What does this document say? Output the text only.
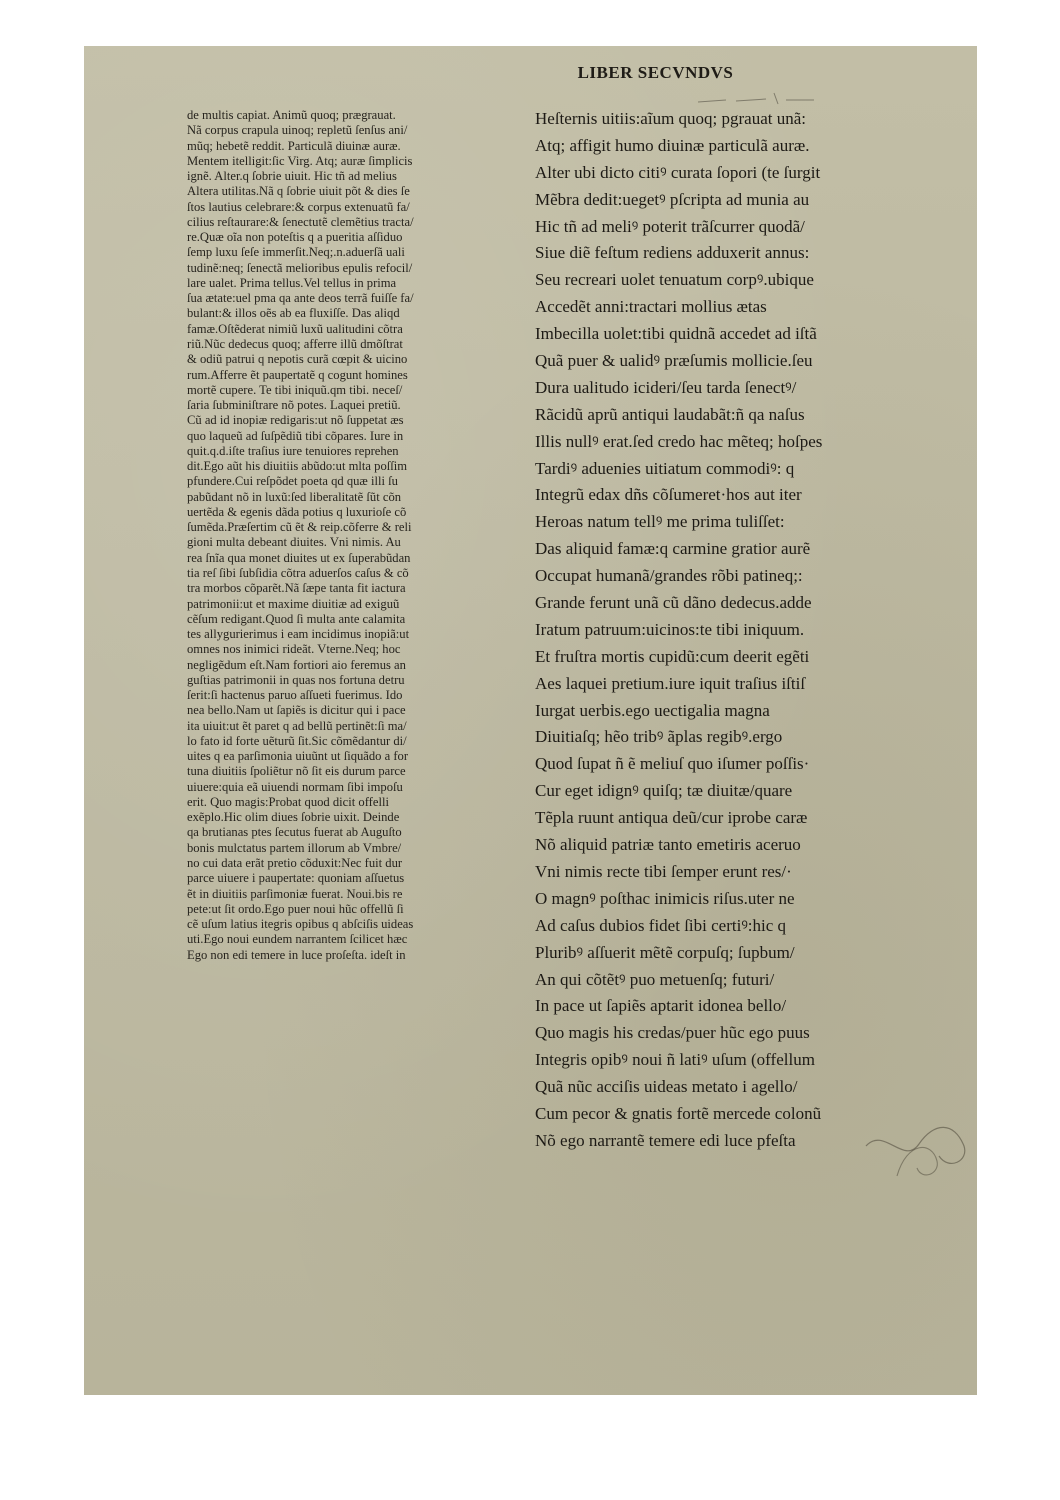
LIBER SECVNDVS
de multis capiat. Animũ quoq; prægrauat.
Nã corpus crapula uinoq; repletũ ſenſus ani/
mũq; hebetẽ reddit. Particulã diuinæ auræ.
Mentem itelligit:ſic Virg. Atq; auræ ſimplicis
ignẽ. Alter.q ſobrie uiuit. Hic tñ ad melius
Altera utilitas.Nã q ſobrie uiuit põt & dies ſe
ſtos lautius celebrare:& corpus extenuatũ fa/
cilius reſtaurare:& ſenectutẽ clemẽtius tracta/
re.Quæ oĩa non poteſtis q a pueritia aſſiduo
ſemp luxu ſeſe immerſit.Neq;.n.aduerſã uali
tudinẽ:neq; ſenectã melioribus epulis refocil/
lare ualet. Prima tellus.Vel tellus in prima
ſua ætate:uel pma qa ante deos terrã fuiſſe fa/
bulant:& illos oẽs ab ea fluxiſſe. Das aliqd
famæ.Oſtẽderat nimiũ luxũ ualitudini cõtra
riũ.Nũc dedecus quoq; afferre illũ dmõſtrat
& odiũ patrui q nepotis curã cœpit & uicino
rum.Afferre ẽt paupertatẽ q cogunt homines
mortẽ cupere. Te tibi iniquũ.qm tibi. neceſ/
ſaria ſubminiſtrare nõ potes. Laquei pretiũ.
Cũ ad id inopiæ redigaris:ut nõ ſuppetat æs
quo laqueũ ad ſuſpẽdiũ tibi cõpares. Iure in
quit.q.d.iſte traſius iure tenuiores reprehen
dit.Ego aũt his diuitiis abũdo:ut mlta poſſim
pfundere.Cui reſpõdet poeta qd quæ illi ſu
pabũdant nõ in luxũ:ſed liberalitatẽ ſũt cõn
uertẽda & egenis dãda potius q luxurioſe cõ
ſumẽda.Præſertim cũ ẽt & reip.cõferre & reli
gioni multa debeant diuites. Vni nimis. Au
rea ſnĩa qua monet diuites ut ex ſuperabũdan
tia reſ ſibi ſubſidia cõtra aduerſos caſus & cõ
tra morbos cõparẽt.Nã ſæpe tanta fit iactura
patrimonii:ut et maxime diuitiæ ad exiguũ
cẽſum redigant.Quod ſi multa ante calamita
tes allygurierimus i eam incidimus inopiã:ut
omnes nos inimici rideãt. Vterne.Neq; hoc
negligẽdum eſt.Nam fortiori aio feremus an
guſtias patrimonii in quas nos fortuna detru
ſerit:ſi hactenus paruo aſſueti fuerimus. Ido
nea bello.Nam ut ſapiẽs is dicitur qui i pace
ita uiuit:ut ẽt paret q ad bellũ pertinẽt:ſi ma/
lo fato id forte uẽturũ ſit.Sic cõmẽdantur di/
uites q ea parſimonia uiuũnt ut ſiquãdo a for
tuna diuitiis ſpoliẽtur nõ ſit eis durum parce
uiuere:quia eã uiuendi normam ſibi impoſu
erit. Quo magis:Probat quod dicit offelli
exẽplo.Hic olim diues ſobrie uixit. Deinde
qa brutianas ptes ſecutus fuerat ab Auguſto
bonis mulctatus partem illorum ab Vmbre/
no cui data erãt pretio cõduxit:Nec fuit dur
parce uiuere i paupertate: quoniam aſſuetus
ẽt in diuitiis parſimoniæ fuerat. Noui.bis re
pete:ut ſit ordo.Ego puer noui hũc offellũ ſi
cẽ uſum latius itegris opibus q abſciſis uideas
uti.Ego noui eundem narrantem ſcilicet hæc
Ego non edi temere in luce proſeſta. ideſt in
Heſternis uitiis:aĩum quoq; pgrauat unã:
Atq; affigit humo diuinæ particulã auræ.
Alter ubi dicto citiꝰ curata ſopori (te ſurgit
Mẽbra dedit:uegetꝰ pſcripta ad munia au
Hic tñ ad meliꝰ poterit trãſcurrer quodã/
Siue diẽ feſtum rediens adduxerit annus:
Seu recreari uolet tenuatum corpꝰ.ubique
Accedẽt anni:tractari mollius ætas
Imbecilla uolet:tibi quidnã accedet ad iſtã
Quã puer & ualidꝰ præſumis mollicie.ſeu
Dura ualitudo icideri/ſeu tarda ſenectꝰ/
Rãcidũ aprũ antiqui laudabãt:ñ qa naſus
Illis nullꝰ erat.ſed credo hac mẽteq; hoſpes
Tardiꝰ aduenies uitiatum commodiꝰ: q
Integrũ edax dñs cõſumeret·hos aut iter
Heroas natum tellꝰ me prima tuliſſet:
Das aliquid famæ:q carmine gratior aurẽ
Occupat humanã/grandes rõbi patineq;:
Grande ferunt unã cũ dãno dedecus.adde
Iratum patruum:uicinos:te tibi iniquum.
Et fruſtra mortis cupidũ:cum deerit egẽti
Aes laquei pretium.iure iquit traſius iſtiſ
Iurgat uerbis.ego uectigalia magna
Diuitiaſq; hẽo tribꝰ ãplas regibꝰ.ergo
Quod ſupat ñ ẽ meliuſ quo iſumer poſſis·
Cur eget idignꝰ quiſq; tæ diuitæ/quare
Tẽpla ruunt antiqua deũ/cur iprobe caræ
Nõ aliquid patriæ tanto emetiris aceruo
Vni nimis recte tibi ſemper erunt res/·
O magnꝰ poſthac inimicis riſus.uter ne
Ad caſus dubios fidet ſibi certiꝰ:hic q
Pluribꝰ aſſuerit mẽtẽ corpuſq; ſupbum/
An qui cõtẽtꝰ puo metuenſq; futuri/
In pace ut ſapiẽs aptarit idonea bello/
Quo magis his credas/puer hũc ego puus
Integris opibꝰ noui ñ latiꝰ uſum (offellum
Quã nũc acciſis uideas metato i agello/
Cum pecor & gnatis fortẽ mercede colonũ
Nõ ego narrantẽ temere edi luce pfeſta
